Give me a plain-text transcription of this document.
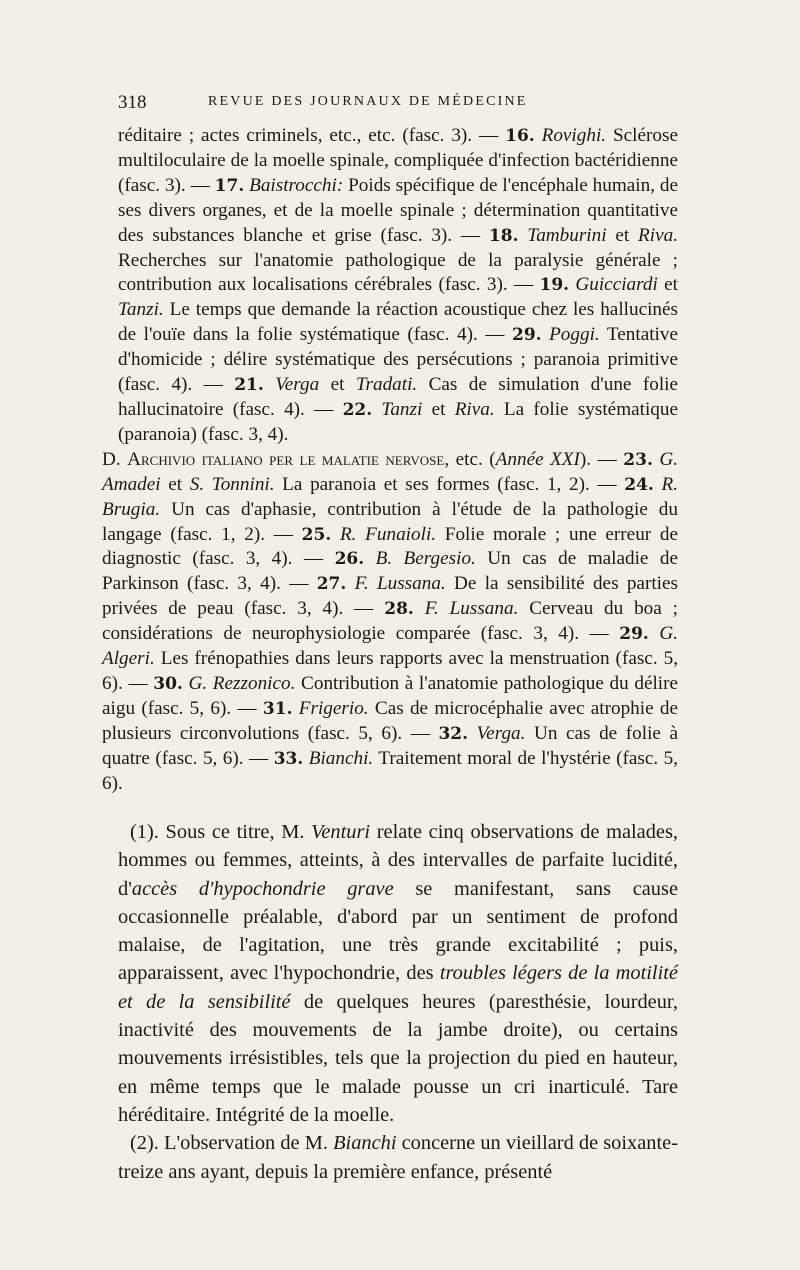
318	REVUE DES JOURNAUX DE MÉDECINE

réditaire ; actes criminels, etc., etc. (fasc. 3). — 16. Rovighi. Sclérose multiloculaire de la moelle spinale, compliquée d'infection bactéridienne (fasc. 3). — 17. Baistrocchi: Poids spécifique de l'encéphale humain, de ses divers organes, et de la moelle spinale ; détermination quantitative des substances blanche et grise (fasc. 3). — 18. Tamburini et Riva. Recherches sur l'anatomie pathologique de la paralysie générale ; contribution aux localisations cérébrales (fasc. 3). — 19. Guicciardi et Tanzi. Le temps que demande la réaction acoustique chez les hallucinés de l'ouïe dans la folie systématique (fasc. 4). — 29. Poggi. Tentative d'homicide ; délire systématique des persécutions ; paranoia primitive (fasc. 4). — 21. Verga et Tradati. Cas de simulation d'une folie hallucinatoire (fasc. 4). — 22. Tanzi et Riva. La folie systématique (paranoia) (fasc. 3, 4).

D. Archivio italiano per le malatie nervose, etc. (Année XXI). — 23. G. Amadei et S. Tonnini. La paranoia et ses formes (fasc. 1, 2). — 24. R. Brugia. Un cas d'aphasie, contribution à l'étude de la pathologie du langage (fasc. 1, 2). — 25. R. Funaioli. Folie morale ; une erreur de diagnostic (fasc. 3, 4). — 26. B. Bergesio. Un cas de maladie de Parkinson (fasc. 3, 4). — 27. F. Lussana. De la sensibilité des parties privées de peau (fasc. 3, 4). — 28. F. Lussana. Cerveau du boa ; considérations de neurophysiologie comparée (fasc. 3, 4). — 29. G. Algeri. Les frénopathies dans leurs rapports avec la menstruation (fasc. 5, 6). — 30. G. Rezzonico. Contribution à l'anatomie pathologique du délire aigu (fasc. 5, 6). — 31. Frigerio. Cas de microcéphalie avec atrophie de plusieurs circonvolutions (fasc. 5, 6). — 32. Verga. Un cas de folie à quatre (fasc. 5, 6). — 33. Bianchi. Traitement moral de l'hystérie (fasc. 5, 6).

(1). Sous ce titre, M. Venturi relate cinq observations de malades, hommes ou femmes, atteints, à des intervalles de parfaite lucidité, d'accès d'hypochondrie grave se manifestant, sans cause occasionnelle préalable, d'abord par un sentiment de profond malaise, de l'agitation, une très grande excitabilité ; puis, apparaissent, avec l'hypochondrie, des troubles légers de la motilité et de la sensibilité de quelques heures (paresthésie, lourdeur, inactivité des mouvements de la jambe droite), ou certains mouvements irrésistibles, tels que la projection du pied en hauteur, en même temps que le malade pousse un cri inarticulé. Tare héréditaire. Intégrité de la moelle.

(2). L'observation de M. Bianchi concerne un vieillard de soixante-treize ans ayant, depuis la première enfance, présenté
